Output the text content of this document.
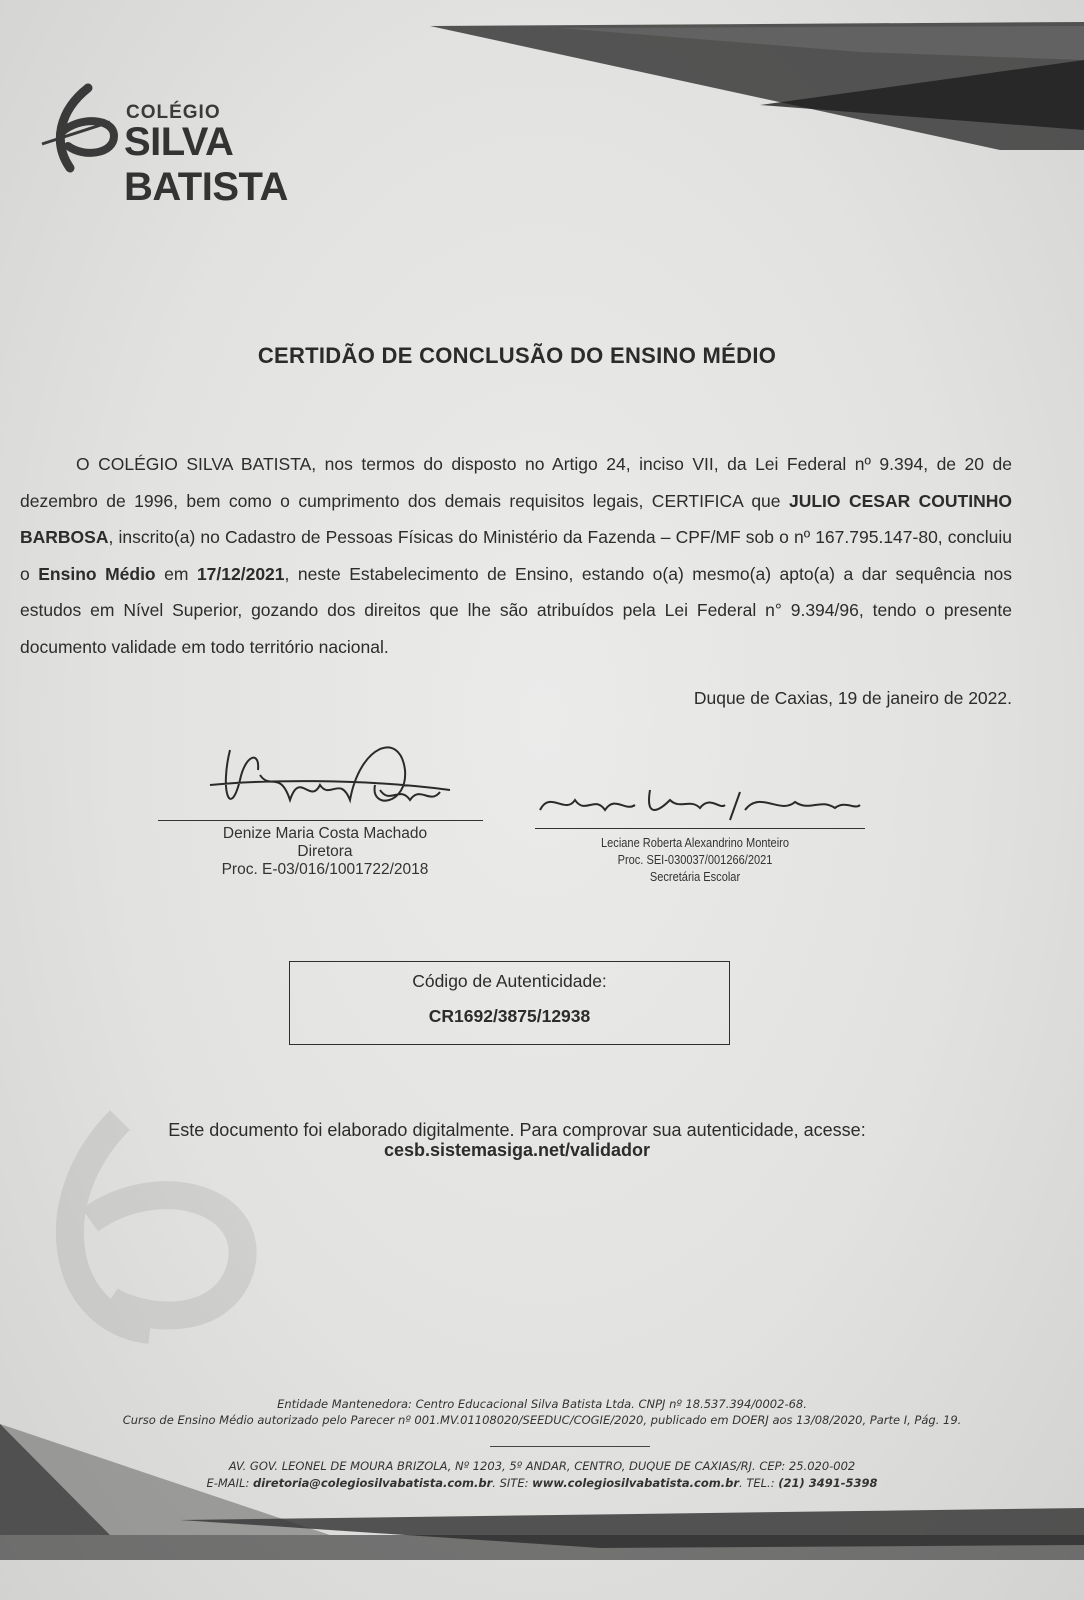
COLÉGIO
SILVA BATISTA
CERTIDÃO DE CONCLUSÃO DO ENSINO MÉDIO
O COLÉGIO SILVA BATISTA, nos termos do disposto no Artigo 24, inciso VII, da Lei Federal nº 9.394, de 20 de dezembro de 1996, bem como o cumprimento dos demais requisitos legais, CERTIFICA que JULIO CESAR COUTINHO BARBOSA, inscrito(a) no Cadastro de Pessoas Físicas do Ministério da Fazenda – CPF/MF sob o nº 167.795.147-80, concluiu o Ensino Médio em 17/12/2021, neste Estabelecimento de Ensino, estando o(a) mesmo(a) apto(a) a dar sequência nos estudos em Nível Superior, gozando dos direitos que lhe são atribuídos pela Lei Federal n° 9.394/96, tendo o presente documento validade em todo território nacional.
Duque de Caxias, 19 de janeiro de 2022.
Denize Maria Costa Machado
Diretora
Proc. E-03/016/1001722/2018
Leciane Roberta Alexandrino Monteiro
Proc. SEI-030037/001266/2021
Secretária Escolar
Código de Autenticidade:
CR1692/3875/12938
Este documento foi elaborado digitalmente. Para comprovar sua autenticidade, acesse:
cesb.sistemasiga.net/validador
Entidade Mantenedora: Centro Educacional Silva Batista Ltda. CNPJ nº 18.537.394/0002-68.
Curso de Ensino Médio autorizado pelo Parecer nº 001.MV.01108020/SEEDUC/COGIE/2020, publicado em DOERJ aos 13/08/2020, Parte I, Pág. 19.
AV. GOV. LEONEL DE MOURA BRIZOLA, Nº 1203, 5º ANDAR, CENTRO, DUQUE DE CAXIAS/RJ. CEP: 25.020-002
E-MAIL: diretoria@colegiosilvabatista.com.br. SITE: www.colegiosilvabatista.com.br. TEL.: (21) 3491-5398
